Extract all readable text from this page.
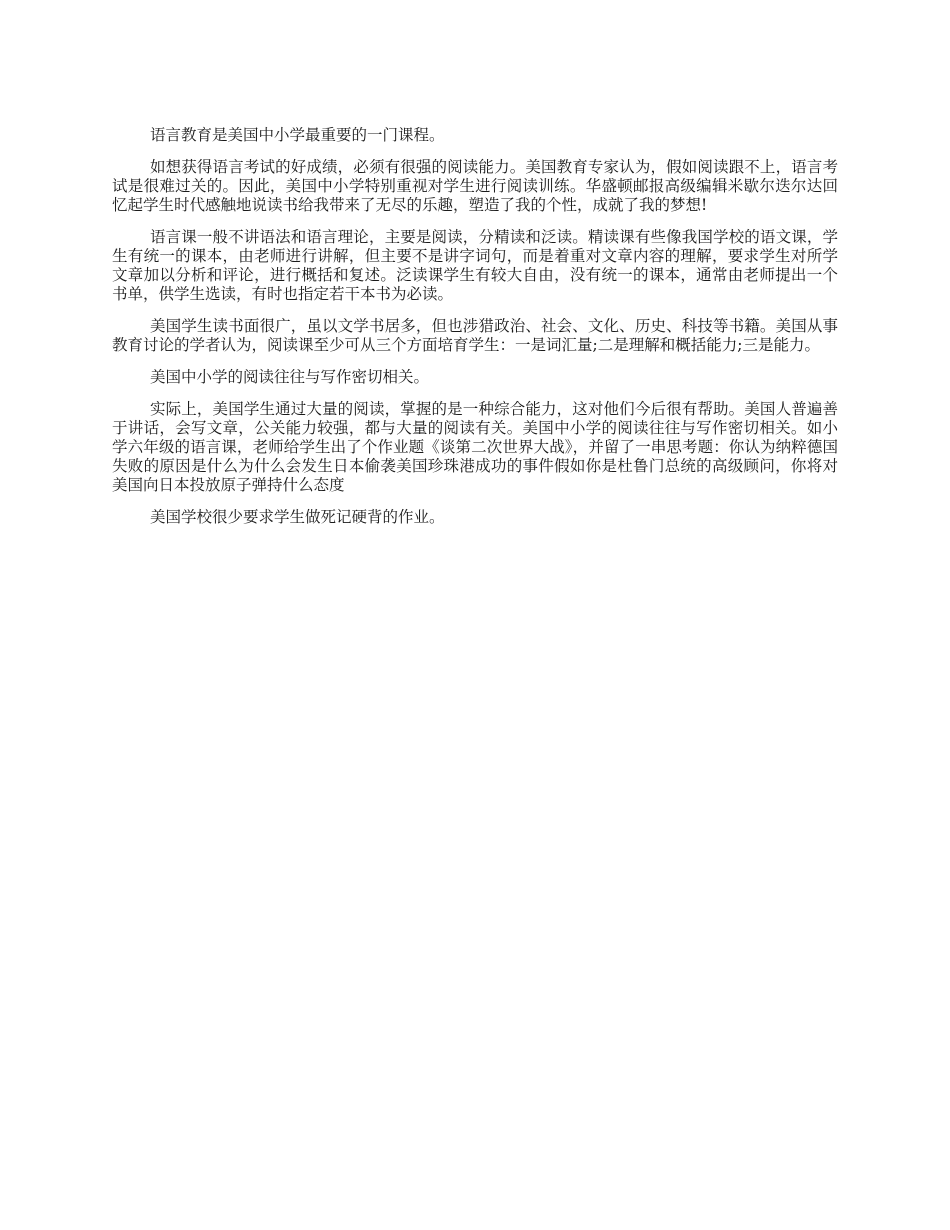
语言教育是美国中小学最重要的一门课程。

如想获得语言考试的好成绩，必须有很强的阅读能力。美国教育专家认为，假如阅读跟不上，语言考试是很难过关的。因此，美国中小学特别重视对学生进行阅读训练。华盛顿邮报高级编辑米歇尔迭尔达回忆起学生时代感触地说读书给我带来了无尽的乐趣，塑造了我的个性，成就了我的梦想!

语言课一般不讲语法和语言理论，主要是阅读，分精读和泛读。精读课有些像我国学校的语文课，学生有统一的课本，由老师进行讲解，但主要不是讲字词句，而是着重对文章内容的理解，要求学生对所学文章加以分析和评论，进行概括和复述。泛读课学生有较大自由，没有统一的课本，通常由老师提出一个书单，供学生选读，有时也指定若干本书为必读。

美国学生读书面很广，虽以文学书居多，但也涉猎政治、社会、文化、历史、科技等书籍。美国从事教育讨论的学者认为，阅读课至少可从三个方面培育学生：一是词汇量;二是理解和概括能力;三是能力。

美国中小学的阅读往往与写作密切相关。

实际上，美国学生通过大量的阅读，掌握的是一种综合能力，这对他们今后很有帮助。美国人普遍善于讲话，会写文章，公关能力较强，都与大量的阅读有关。美国中小学的阅读往往与写作密切相关。如小学六年级的语言课，老师给学生出了个作业题《谈第二次世界大战》，并留了一串思考题：你认为纳粹德国失败的原因是什么为什么会发生日本偷袭美国珍珠港成功的事件假如你是杜鲁门总统的高级顾问，你将对美国向日本投放原子弹持什么态度

美国学校很少要求学生做死记硬背的作业。
